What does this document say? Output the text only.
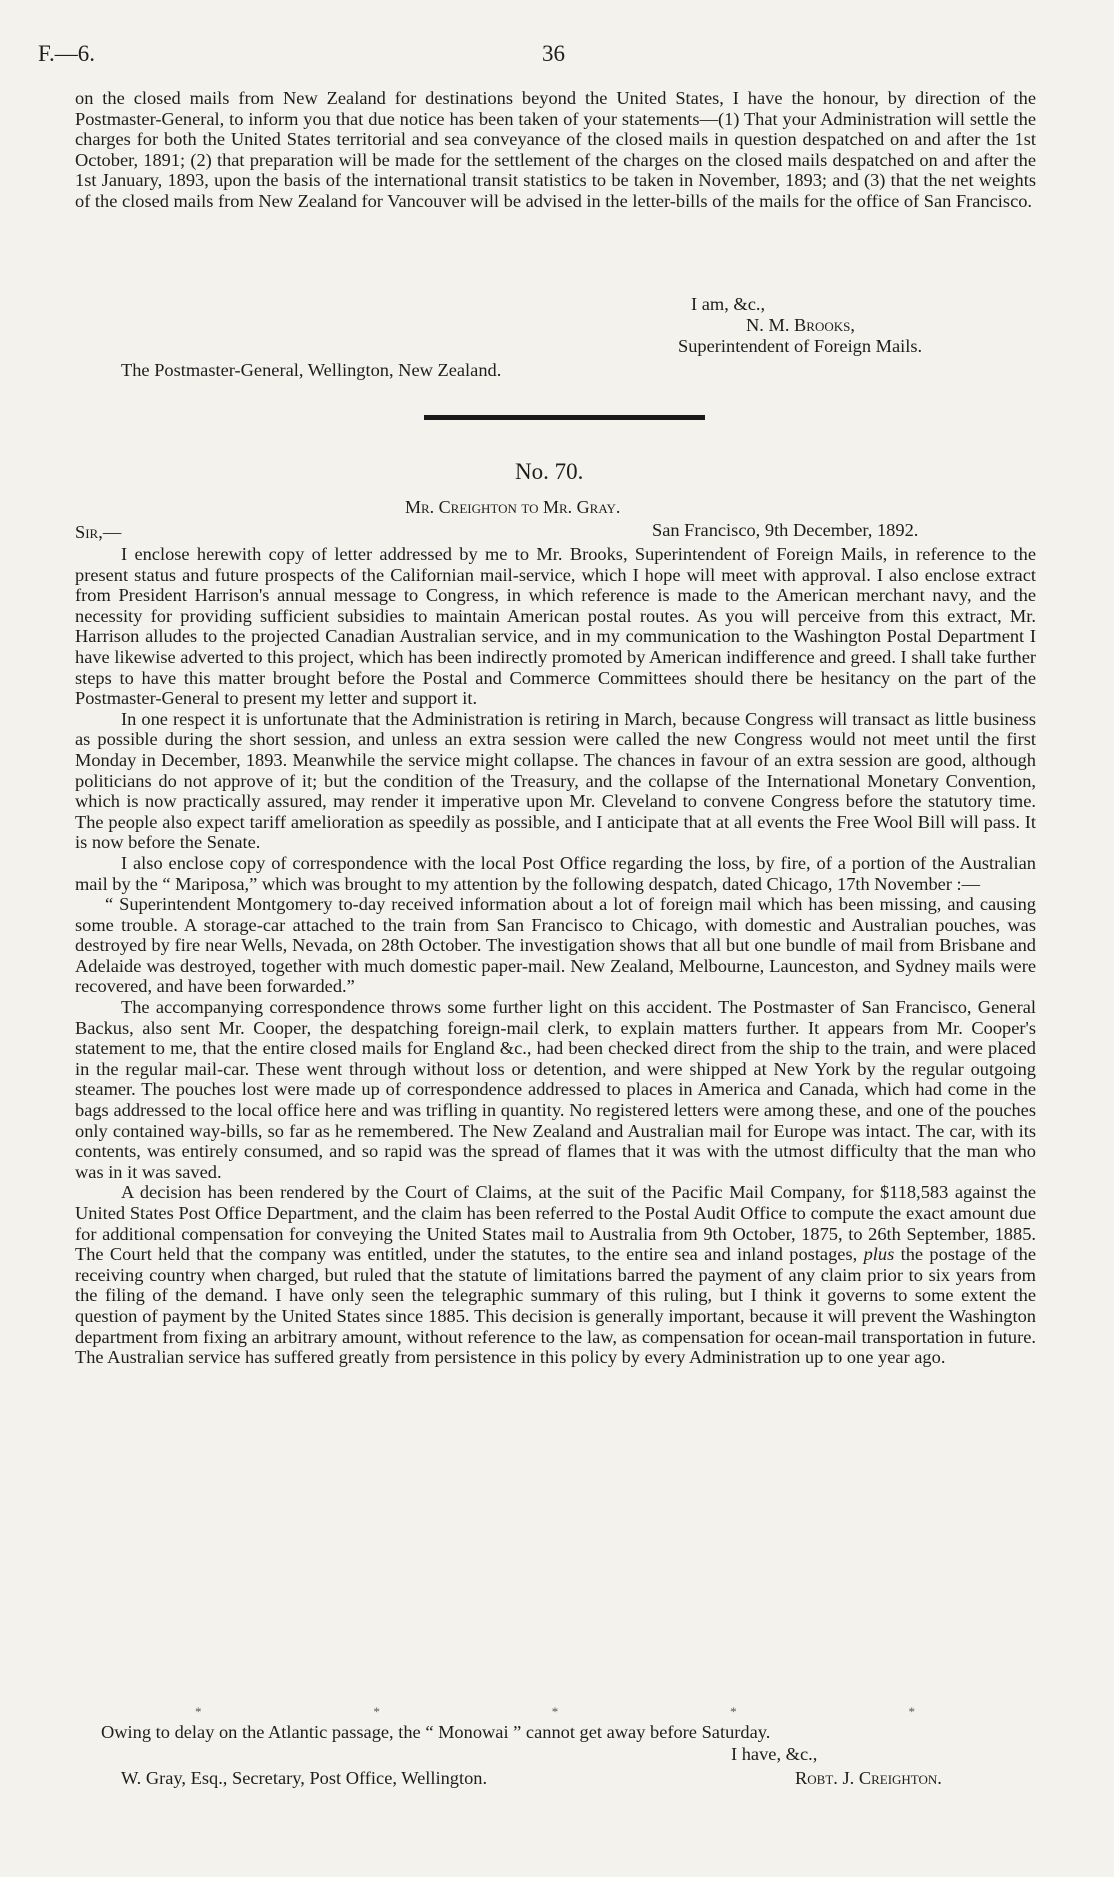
F.—6.	36

on the closed mails from New Zealand for destinations beyond the United States, I have the honour, by direction of the Postmaster-General, to inform you that due notice has been taken of your statements—(1) That your Administration will settle the charges for both the United States territorial and sea conveyance of the closed mails in question despatched on and after the 1st October, 1891; (2) that preparation will be made for the settlement of the charges on the closed mails despatched on and after the 1st January, 1893, upon the basis of the international transit statistics to be taken in November, 1893; and (3) that the net weights of the closed mails from New Zealand for Vancouver will be advised in the letter-bills of the mails for the office of San Francisco.

I am, &c.,
N. M. Brooks,
Superintendent of Foreign Mails.
The Postmaster-General, Wellington, New Zealand.
No. 70.
Mr. Creighton to Mr. Gray.
Sir,—	San Francisco, 9th December, 1892.

I enclose herewith copy of letter addressed by me to Mr. Brooks, Superintendent of Foreign Mails, in reference to the present status and future prospects of the Californian mail-service, which I hope will meet with approval. I also enclose extract from President Harrison's annual message to Congress, in which reference is made to the American merchant navy, and the necessity for providing sufficient subsidies to maintain American postal routes. As you will perceive from this extract, Mr. Harrison alludes to the projected Canadian Australian service, and in my communication to the Washington Postal Department I have likewise adverted to this project, which has been indirectly promoted by American indifference and greed. I shall take further steps to have this matter brought before the Postal and Commerce Committees should there be hesitancy on the part of the Postmaster-General to present my letter and support it.

In one respect it is unfortunate that the Administration is retiring in March, because Congress will transact as little business as possible during the short session, and unless an extra session were called the new Congress would not meet until the first Monday in December, 1893. Meanwhile the service might collapse. The chances in favour of an extra session are good, although politicians do not approve of it; but the condition of the Treasury, and the collapse of the International Monetary Convention, which is now practically assured, may render it imperative upon Mr. Cleveland to convene Congress before the statutory time. The people also expect tariff amelioration as speedily as possible, and I anticipate that at all events the Free Wool Bill will pass. It is now before the Senate.

I also enclose copy of correspondence with the local Post Office regarding the loss, by fire, of a portion of the Australian mail by the “ Mariposa,” which was brought to my attention by the following despatch, dated Chicago, 17th November :—

“ Superintendent Montgomery to-day received information about a lot of foreign mail which has been missing, and causing some trouble. A storage-car attached to the train from San Francisco to Chicago, with domestic and Australian pouches, was destroyed by fire near Wells, Nevada, on 28th October. The investigation shows that all but one bundle of mail from Brisbane and Adelaide was destroyed, together with much domestic paper-mail. New Zealand, Melbourne, Launceston, and Sydney mails were recovered, and have been forwarded.”

The accompanying correspondence throws some further light on this accident. The Postmaster of San Francisco, General Backus, also sent Mr. Cooper, the despatching foreign-mail clerk, to explain matters further. It appears from Mr. Cooper's statement to me, that the entire closed mails for England &c., had been checked direct from the ship to the train, and were placed in the regular mail-car. These went through without loss or detention, and were shipped at New York by the regular outgoing steamer. The pouches lost were made up of correspondence addressed to places in America and Canada, which had come in the bags addressed to the local office here and was trifling in quantity. No registered letters were among these, and one of the pouches only contained way-bills, so far as he remembered. The New Zealand and Australian mail for Europe was intact. The car, with its contents, was entirely consumed, and so rapid was the spread of flames that it was with the utmost difficulty that the man who was in it was saved.

A decision has been rendered by the Court of Claims, at the suit of the Pacific Mail Company, for $118,583 against the United States Post Office Department, and the claim has been referred to the Postal Audit Office to compute the exact amount due for additional compensation for conveying the United States mail to Australia from 9th October, 1875, to 26th September, 1885. The Court held that the company was entitled, under the statutes, to the entire sea and inland postages, plus the postage of the receiving country when charged, but ruled that the statute of limitations barred the payment of any claim prior to six years from the filing of the demand. I have only seen the telegraphic summary of this ruling, but I think it governs to some extent the question of payment by the United States since 1885. This decision is generally important, because it will prevent the Washington department from fixing an arbitrary amount, without reference to the law, as compensation for ocean-mail transportation in future. The Australian service has suffered greatly from persistence in this policy by every Administration up to one year ago.

*	*	*	*	*
Owing to delay on the Atlantic passage, the “ Monowai ” cannot get away before Saturday.
I have, &c.,
W. Gray, Esq., Secretary, Post Office, Wellington.	Robt. J. Creighton.
